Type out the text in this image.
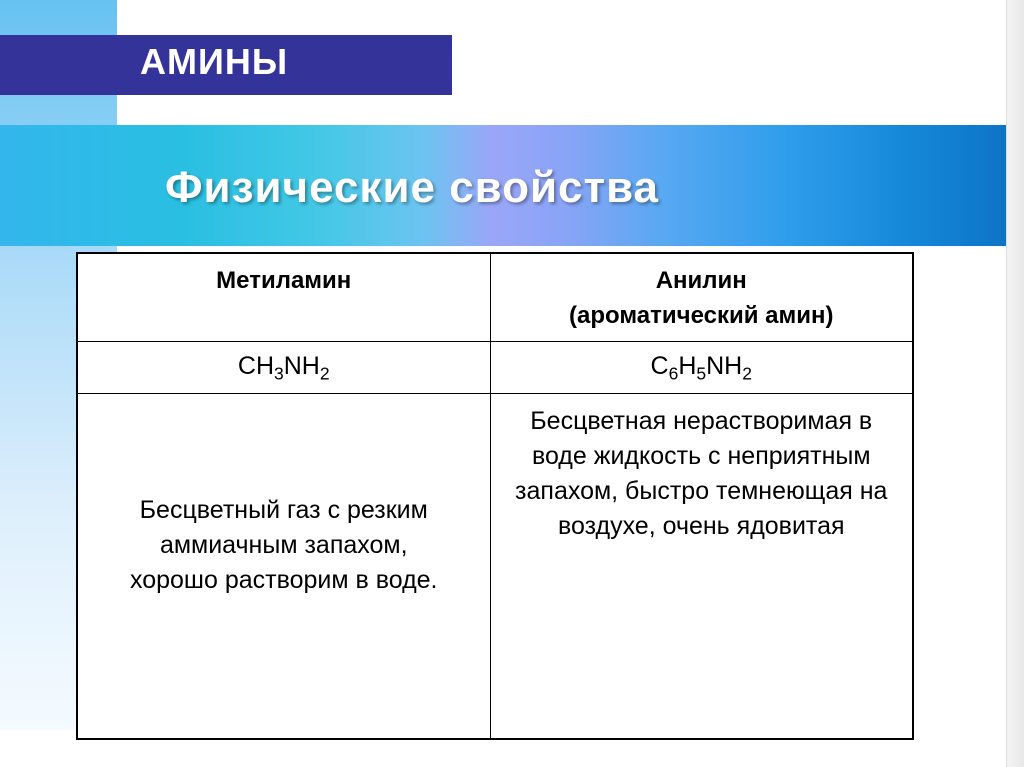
АМИНЫ
Физические свойства
Метиламин	Анилин
(ароматический амин)
$CH_3NH_2$	$C_6H_5NH_2$

Бесцветный газ с резким аммиачным запахом, хорошо растворим в воде.	Бесцветная нерастворимая в воде жидкость с неприятным запахом, быстро темнеющая на воздухе, очень ядовитая
